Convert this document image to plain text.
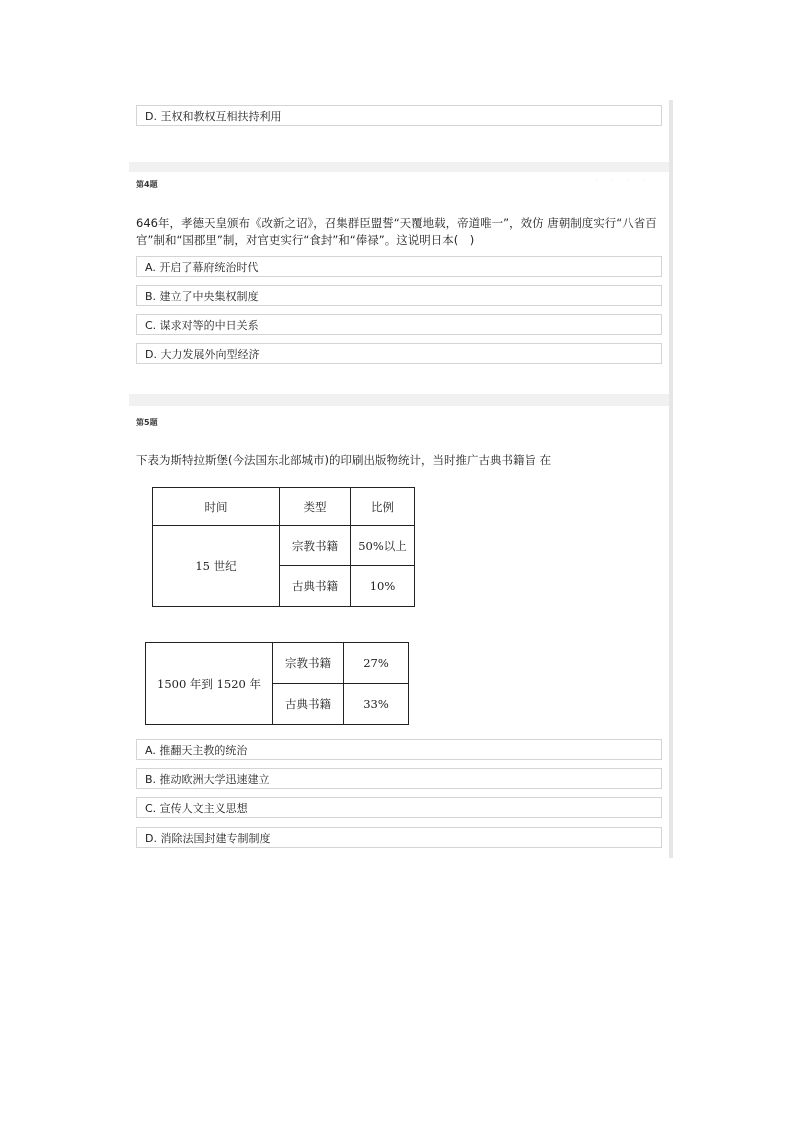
D. 王权和教权互相扶持利用
第4题	· · · ·
646年，孝德天皇颁布《改新之诏》，召集群臣盟誓“天覆地载，帝道唯一”，效仿 唐朝制度实行“八省百官”制和“国郡里”制，对官吏实行“食封”和“俸禄”。这说明日本(　)
A. 开启了幕府统治时代
B. 建立了中央集权制度
C. 谋求对等的中日关系
D. 大力发展外向型经济
第5题
下表为斯特拉斯堡(今法国东北部城市)的印刷出版物统计，当时推广古典书籍旨 在
时间	类型	比例
15 世纪	宗教书籍	50%以上
	古典书籍	10%
1500 年到 1520 年	宗教书籍	27%
	古典书籍	33%
A. 推翻天主教的统治
B. 推动欧洲大学迅速建立
C. 宣传人文主义思想
D. 消除法国封建专制制度
